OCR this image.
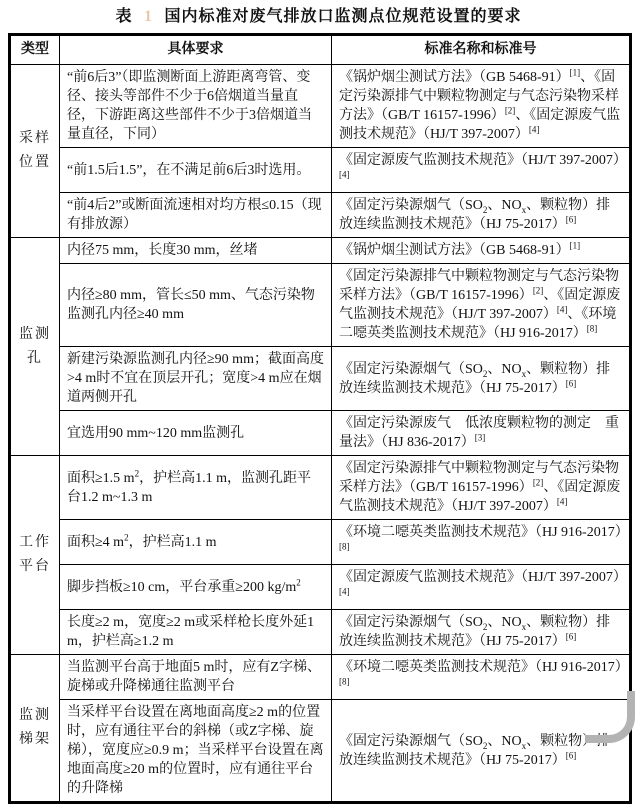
表 1 国内标准对废气排放口监测点位规范设置的要求
类型	具体要求	标准名称和标准号
采样位置	“前6后3”（即监测断面上游距离弯管、变径、接头等部件不少于6倍烟道当量直径，下游距离这些部件不少于3倍烟道当量直径，下同）	《锅炉烟尘测试方法》（GB 5468-91）[1]、《固定污染源排气中颗粒物测定与气态污染物采样方法》（GB/T 16157-1996）[2]、《固定源废气监测技术规范》（HJ/T 397-2007）[4]
	“前1.5后1.5”，在不满足前6后3时选用。	《固定源废气监测技术规范》（HJ/T 397-2007）[4]
	“前4后2”或断面流速相对均方根≤0.15（现有排放源）	《固定污染源烟气（$SO_2$、$NO_x$、颗粒物）排放连续监测技术规范》（HJ 75-2017）[6]
监测孔	内径75 mm，长度30 mm，丝堵	《锅炉烟尘测试方法》（GB 5468-91）[1]
	内径≥80 mm，管长≤50 mm、气态污染物监测孔内径≥40 mm	《固定污染源排气中颗粒物测定与气态污染物采样方法》（GB/T 16157-1996）[2]、《固定源废气监测技术规范》（HJ/T 397-2007）[4]、《环境二噁英类监测技术规范》（HJ 916-2017）[8]
	新建污染源监测孔内径≥90 mm；截面高度>4 m时不宜在顶层开孔；宽度>4 m应在烟道两侧开孔	《固定污染源烟气（$SO_2$、$NO_x$、颗粒物）排放连续监测技术规范》（HJ 75-2017）[6]
	宜选用90 mm~120 mm监测孔	《固定污染源废气　低浓度颗粒物的测定　重量法》（HJ 836-2017）[3]
工作平台	面积≥1.5 $m^2$，护栏高1.1 m，监测孔距平台1.2 m~1.3 m	《固定污染源排气中颗粒物测定与气态污染物采样方法》（GB/T 16157-1996）[2]、《固定源废气监测技术规范》（HJ/T 397-2007）[4]
	面积≥4 $m^2$，护栏高1.1 m	《环境二噁英类监测技术规范》（HJ 916-2017）[8]
	脚步挡板≥10 cm，平台承重≥200 $kg/m^2$	《固定源废气监测技术规范》（HJ/T 397-2007）[4]
	长度≥2 m，宽度≥2 m或采样枪长度外延1 m，护栏高≥1.2 m	《固定污染源烟气（$SO_2$、$NO_x$、颗粒物）排放连续监测技术规范》（HJ 75-2017）[6]
监测梯架	当监测平台高于地面5 m时，应有Z字梯、旋梯或升降梯通往监测平台	《环境二噁英类监测技术规范》（HJ 916-2017）[8]
	当采样平台设置在离地面高度≥2 m的位置时，应有通往平台的斜梯（或Z字梯、旋梯），宽度应≥0.9 m；当采样平台设置在离地面高度≥20 m的位置时，应有通往平台的升降梯	《固定污染源烟气（$SO_2$、$NO_x$、颗粒物）排放连续监测技术规范》（HJ 75-2017）[6]
